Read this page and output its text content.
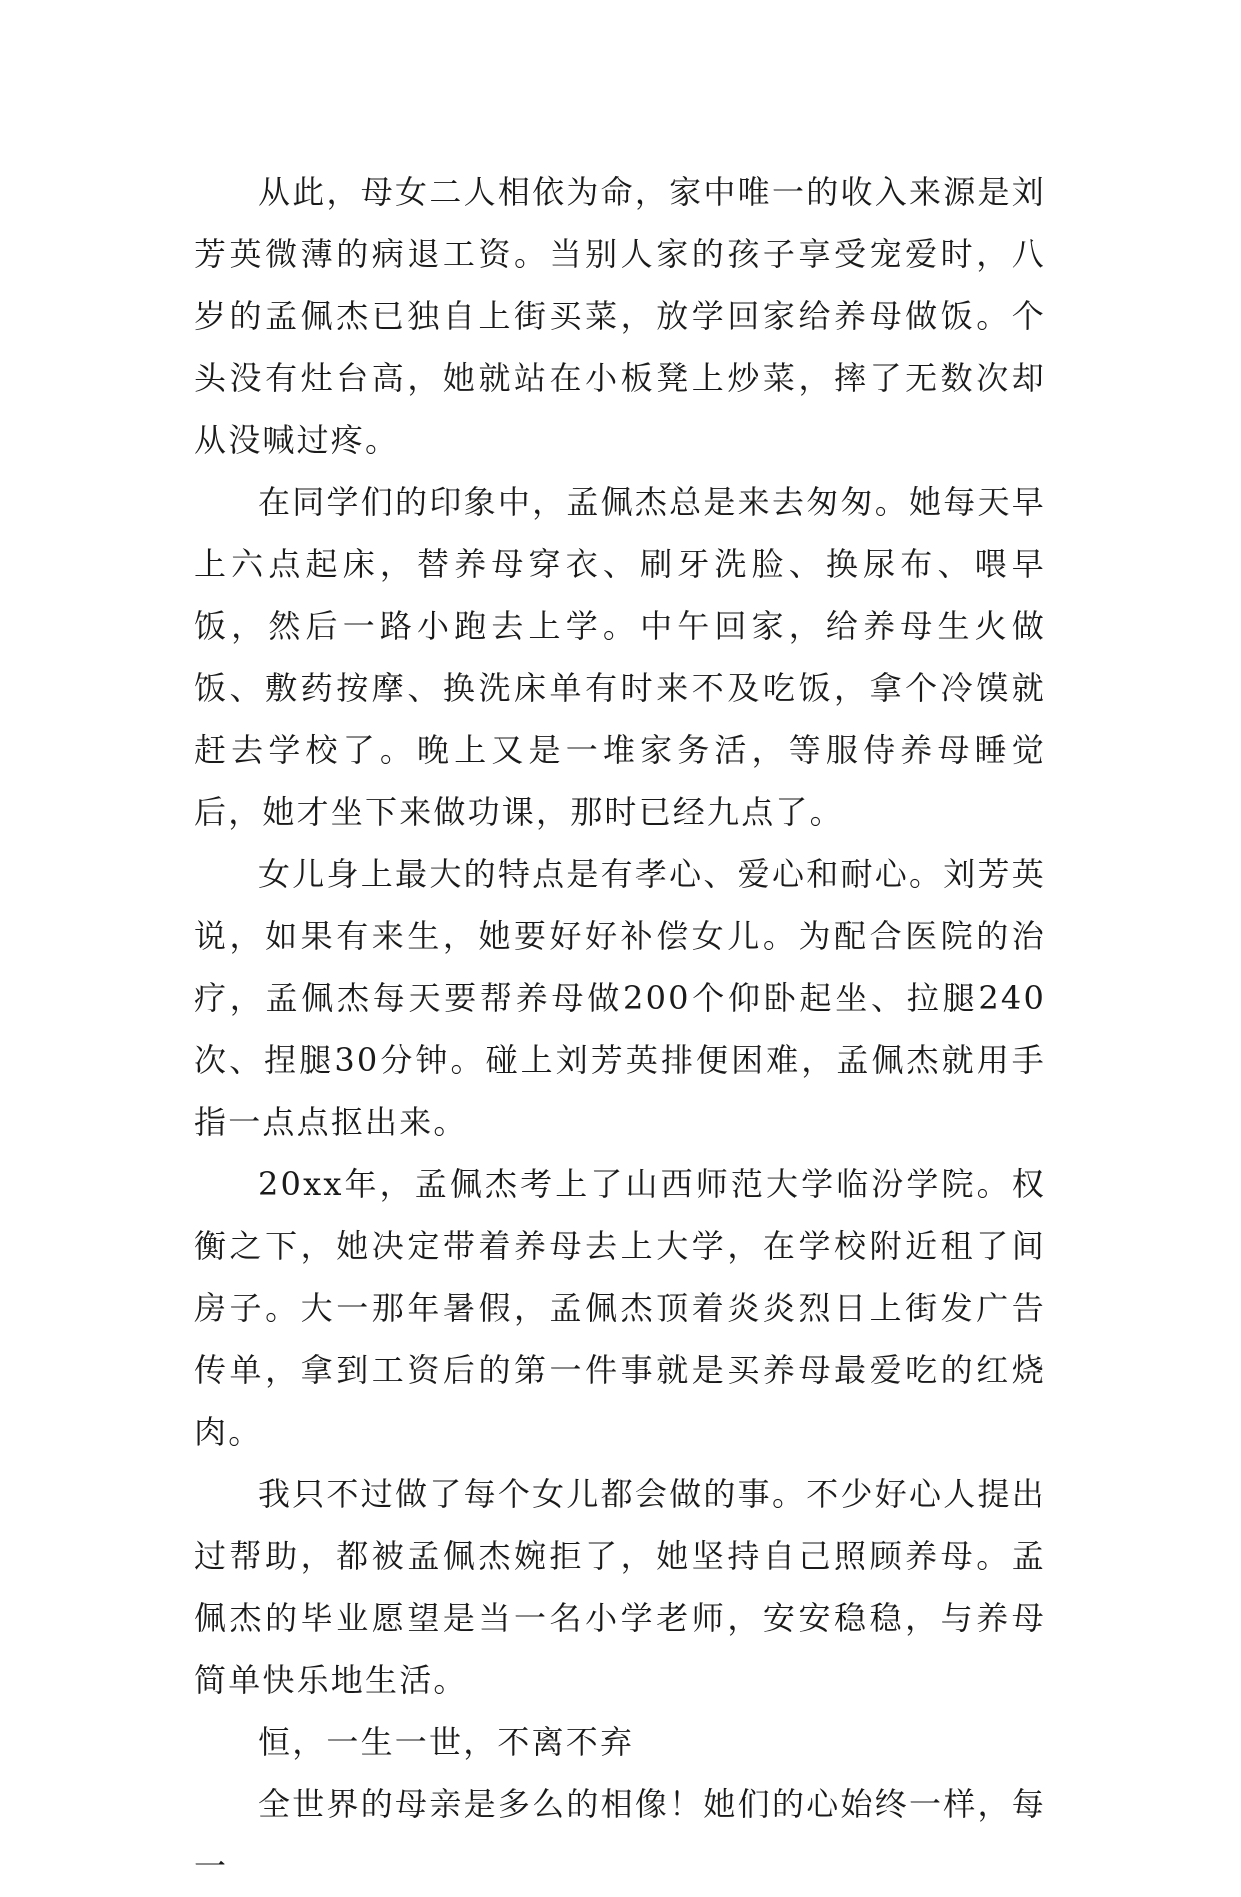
从此，母女二人相依为命，家中唯一的收入来源是刘芳英微薄的病退工资。当别人家的孩子享受宠爱时，八岁的孟佩杰已独自上街买菜，放学回家给养母做饭。个头没有灶台高，她就站在小板凳上炒菜，摔了无数次却从没喊过疼。

在同学们的印象中，孟佩杰总是来去匆匆。她每天早上六点起床，替养母穿衣、刷牙洗脸、换尿布、喂早饭，然后一路小跑去上学。中午回家，给养母生火做饭、敷药按摩、换洗床单有时来不及吃饭，拿个冷馍就赶去学校了。晚上又是一堆家务活，等服侍养母睡觉后，她才坐下来做功课，那时已经九点了。

女儿身上最大的特点是有孝心、爱心和耐心。刘芳英说，如果有来生，她要好好补偿女儿。为配合医院的治疗，孟佩杰每天要帮养母做200个仰卧起坐、拉腿240次、捏腿30分钟。碰上刘芳英排便困难，孟佩杰就用手指一点点抠出来。

20xx年，孟佩杰考上了山西师范大学临汾学院。权衡之下，她决定带着养母去上大学，在学校附近租了间房子。大一那年暑假，孟佩杰顶着炎炎烈日上街发广告传单，拿到工资后的第一件事就是买养母最爱吃的红烧肉。

我只不过做了每个女儿都会做的事。不少好心人提出过帮助，都被孟佩杰婉拒了，她坚持自己照顾养母。孟佩杰的毕业愿望是当一名小学老师，安安稳稳，与养母简单快乐地生活。

恒，一生一世，不离不弃

全世界的母亲是多么的相像！她们的心始终一样，每一
